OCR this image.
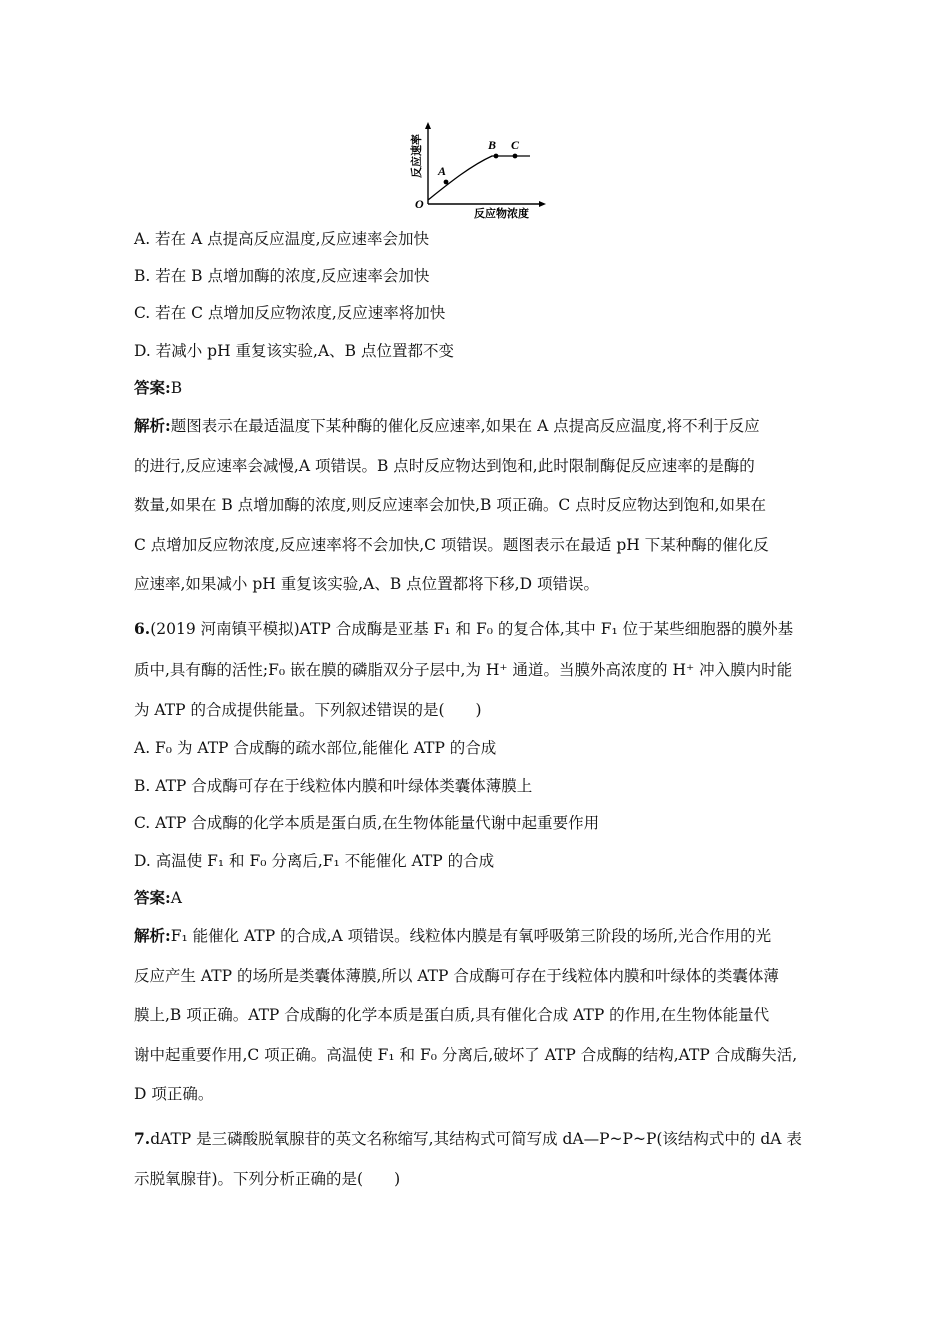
A
B C
O
反应物浓度
反应速率
A. 若在 A 点提高反应温度,反应速率会加快
B. 若在 B 点增加酶的浓度,反应速率会加快
C. 若在 C 点增加反应物浓度,反应速率将加快
D. 若减小 pH 重复该实验,A、B 点位置都不变
答案:B
解析:题图表示在最适温度下某种酶的催化反应速率,如果在 A 点提高反应温度,将不利于反应
的进行,反应速率会减慢,A 项错误。B 点时反应物达到饱和,此时限制酶促反应速率的是酶的
数量,如果在 B 点增加酶的浓度,则反应速率会加快,B 项正确。C 点时反应物达到饱和,如果在
C 点增加反应物浓度,反应速率将不会加快,C 项错误。题图表示在最适 pH 下某种酶的催化反
应速率,如果减小 pH 重复该实验,A、B 点位置都将下移,D 项错误。
6.(2019 河南镇平模拟)ATP 合成酶是亚基 F₁ 和 F₀ 的复合体,其中 F₁ 位于某些细胞器的膜外基
质中,具有酶的活性;F₀ 嵌在膜的磷脂双分子层中,为 H⁺ 通道。当膜外高浓度的 H⁺ 冲入膜内时能
为 ATP 的合成提供能量。下列叙述错误的是(　　)
A. F₀ 为 ATP 合成酶的疏水部位,能催化 ATP 的合成
B. ATP 合成酶可存在于线粒体内膜和叶绿体类囊体薄膜上
C. ATP 合成酶的化学本质是蛋白质,在生物体能量代谢中起重要作用
D. 高温使 F₁ 和 F₀ 分离后,F₁ 不能催化 ATP 的合成
答案:A
解析:F₁ 能催化 ATP 的合成,A 项错误。线粒体内膜是有氧呼吸第三阶段的场所,光合作用的光
反应产生 ATP 的场所是类囊体薄膜,所以 ATP 合成酶可存在于线粒体内膜和叶绿体的类囊体薄
膜上,B 项正确。ATP 合成酶的化学本质是蛋白质,具有催化合成 ATP 的作用,在生物体能量代
谢中起重要作用,C 项正确。高温使 F₁ 和 F₀ 分离后,破坏了 ATP 合成酶的结构,ATP 合成酶失活,
D 项正确。
7.dATP 是三磷酸脱氧腺苷的英文名称缩写,其结构式可简写成 dA—P~P~P(该结构式中的 dA 表
示脱氧腺苷)。下列分析正确的是(　　)
